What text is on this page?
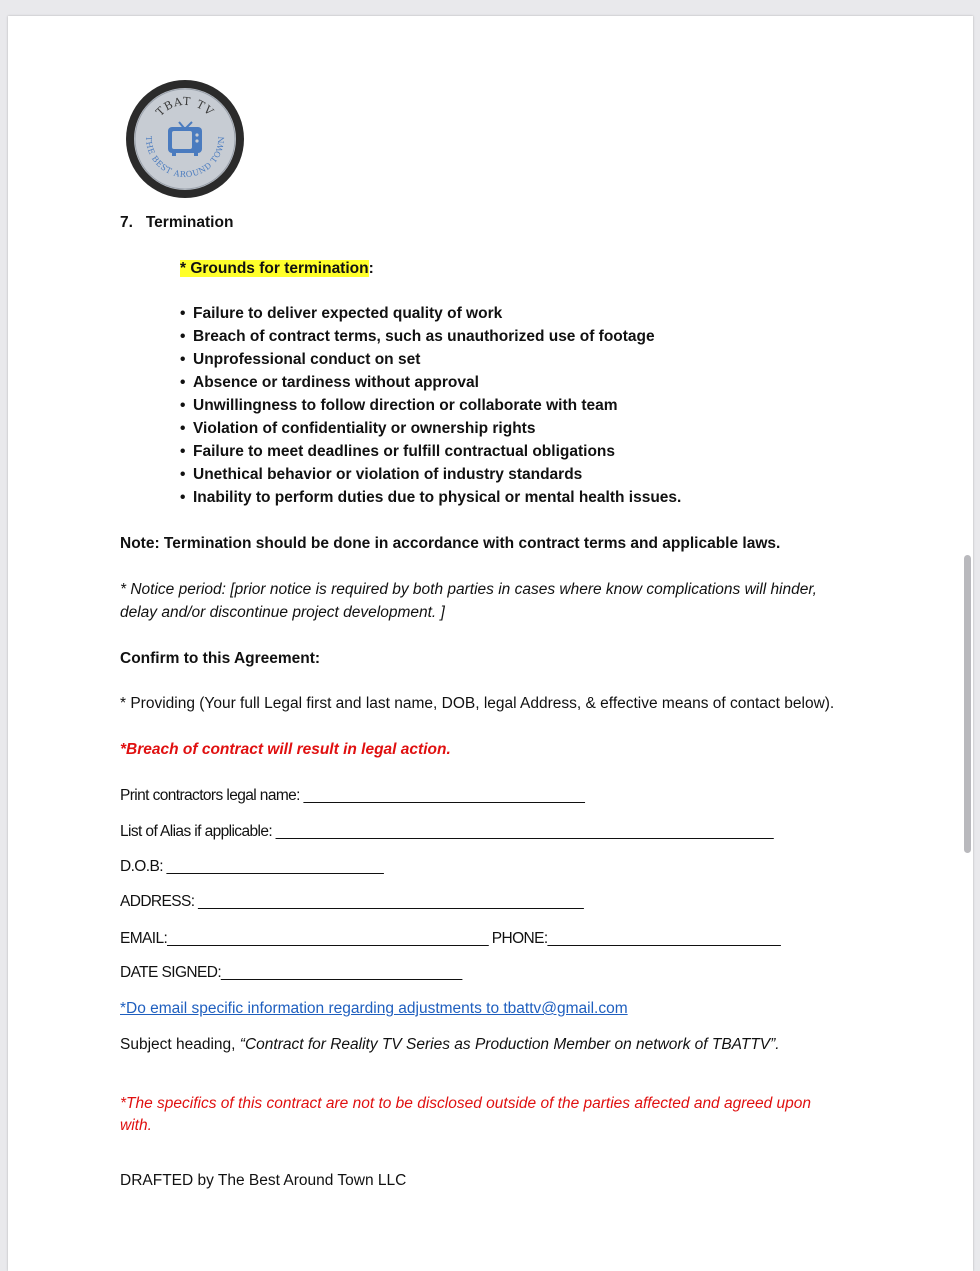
TBAT TV
THE BEST AROUND TOWN
7. Termination
* Grounds for termination:
• Failure to deliver expected quality of work
• Breach of contract terms, such as unauthorized use of footage
• Unprofessional conduct on set
• Absence or tardiness without approval
• Unwillingness to follow direction or collaborate with team
• Violation of confidentiality or ownership rights
• Failure to meet deadlines or fulfill contractual obligations
• Unethical behavior or violation of industry standards
• Inability to perform duties due to physical or mental health issues.
Note: Termination should be done in accordance with contract terms and applicable laws.
* Notice period: [prior notice is required by both parties in cases where know complications will hinder,
delay and/or discontinue project development. ]
Confirm to this Agreement:
* Providing (Your full Legal first and last name, DOB, legal Address, & effective means of contact below).
*Breach of contract will result in legal action.
Print contractors legal name: ___________________________________
List of Alias if applicable: ______________________________________________________________
D.O.B: ___________________________
ADDRESS: ________________________________________________
EMAIL:________________________________________ PHONE:_____________________________
DATE SIGNED:______________________________
*Do email specific information regarding adjustments to tbattv@gmail.com
Subject heading, “Contract for Reality TV Series as Production Member on network of TBATTV”.
*The specifics of this contract are not to be disclosed outside of the parties affected and agreed upon
with.
DRAFTED by The Best Around Town LLC
